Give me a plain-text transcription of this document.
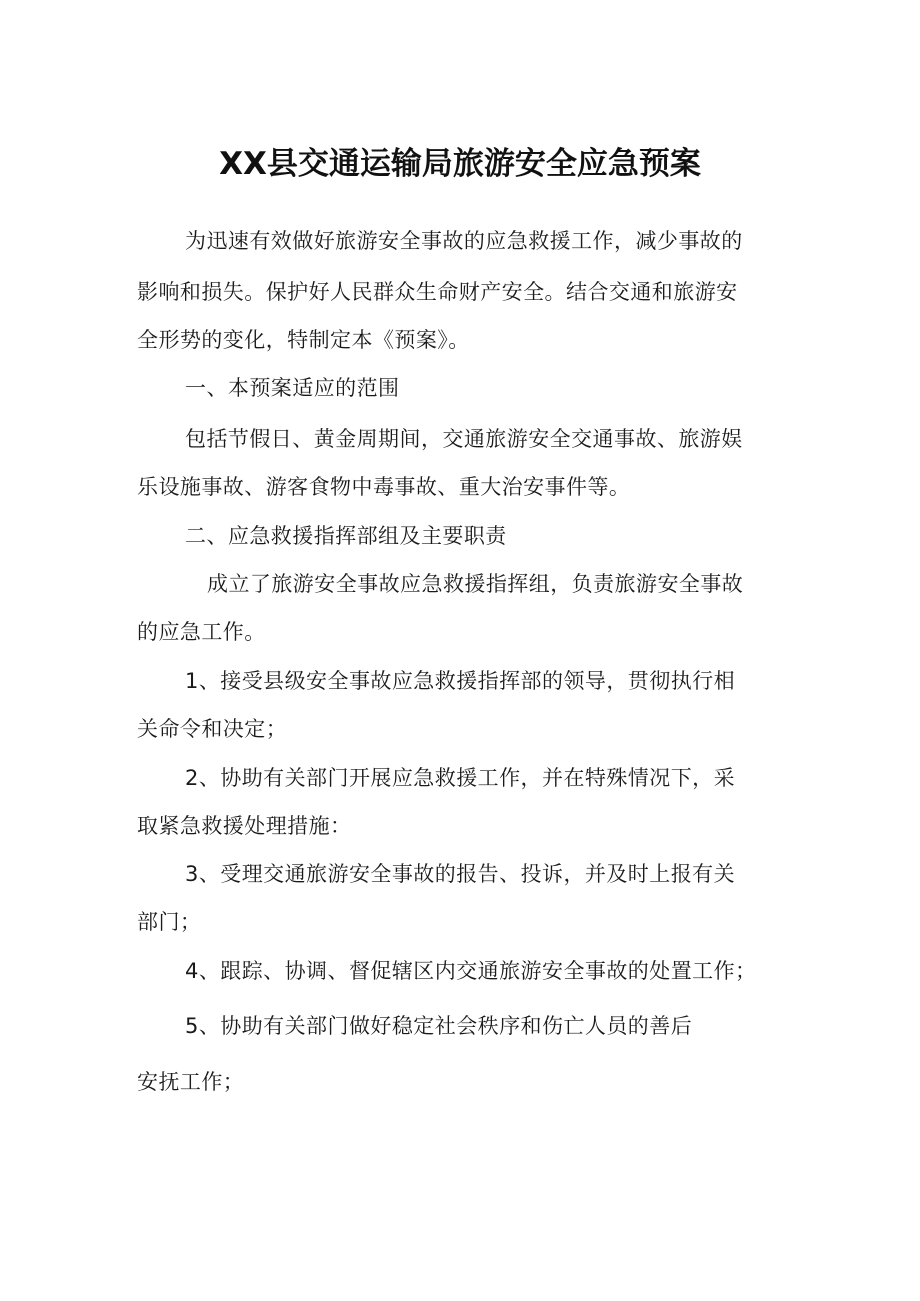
XX县交通运输局旅游安全应急预案

为迅速有效做好旅游安全事故的应急救援工作，减少事故的

影响和损失。保护好人民群众生命财产安全。结合交通和旅游安

全形势的变化，特制定本《预案》。

一、本预案适应的范围

包括节假日、黄金周期间，交通旅游安全交通事故、旅游娱

乐设施事故、游客食物中毒事故、重大治安事件等。

二、应急救援指挥部组及主要职责

成立了旅游安全事故应急救援指挥组，负责旅游安全事故

的应急工作。

1、接受县级安全事故应急救援指挥部的领导，贯彻执行相

关命令和决定；

2、协助有关部门开展应急救援工作，并在特殊情况下，采

取紧急救援处理措施：

3、受理交通旅游安全事故的报告、投诉，并及时上报有关

部门；

4、跟踪、协调、督促辖区内交通旅游安全事故的处置工作；

5、协助有关部门做好稳定社会秩序和伤亡人员的善后

安抚工作；
